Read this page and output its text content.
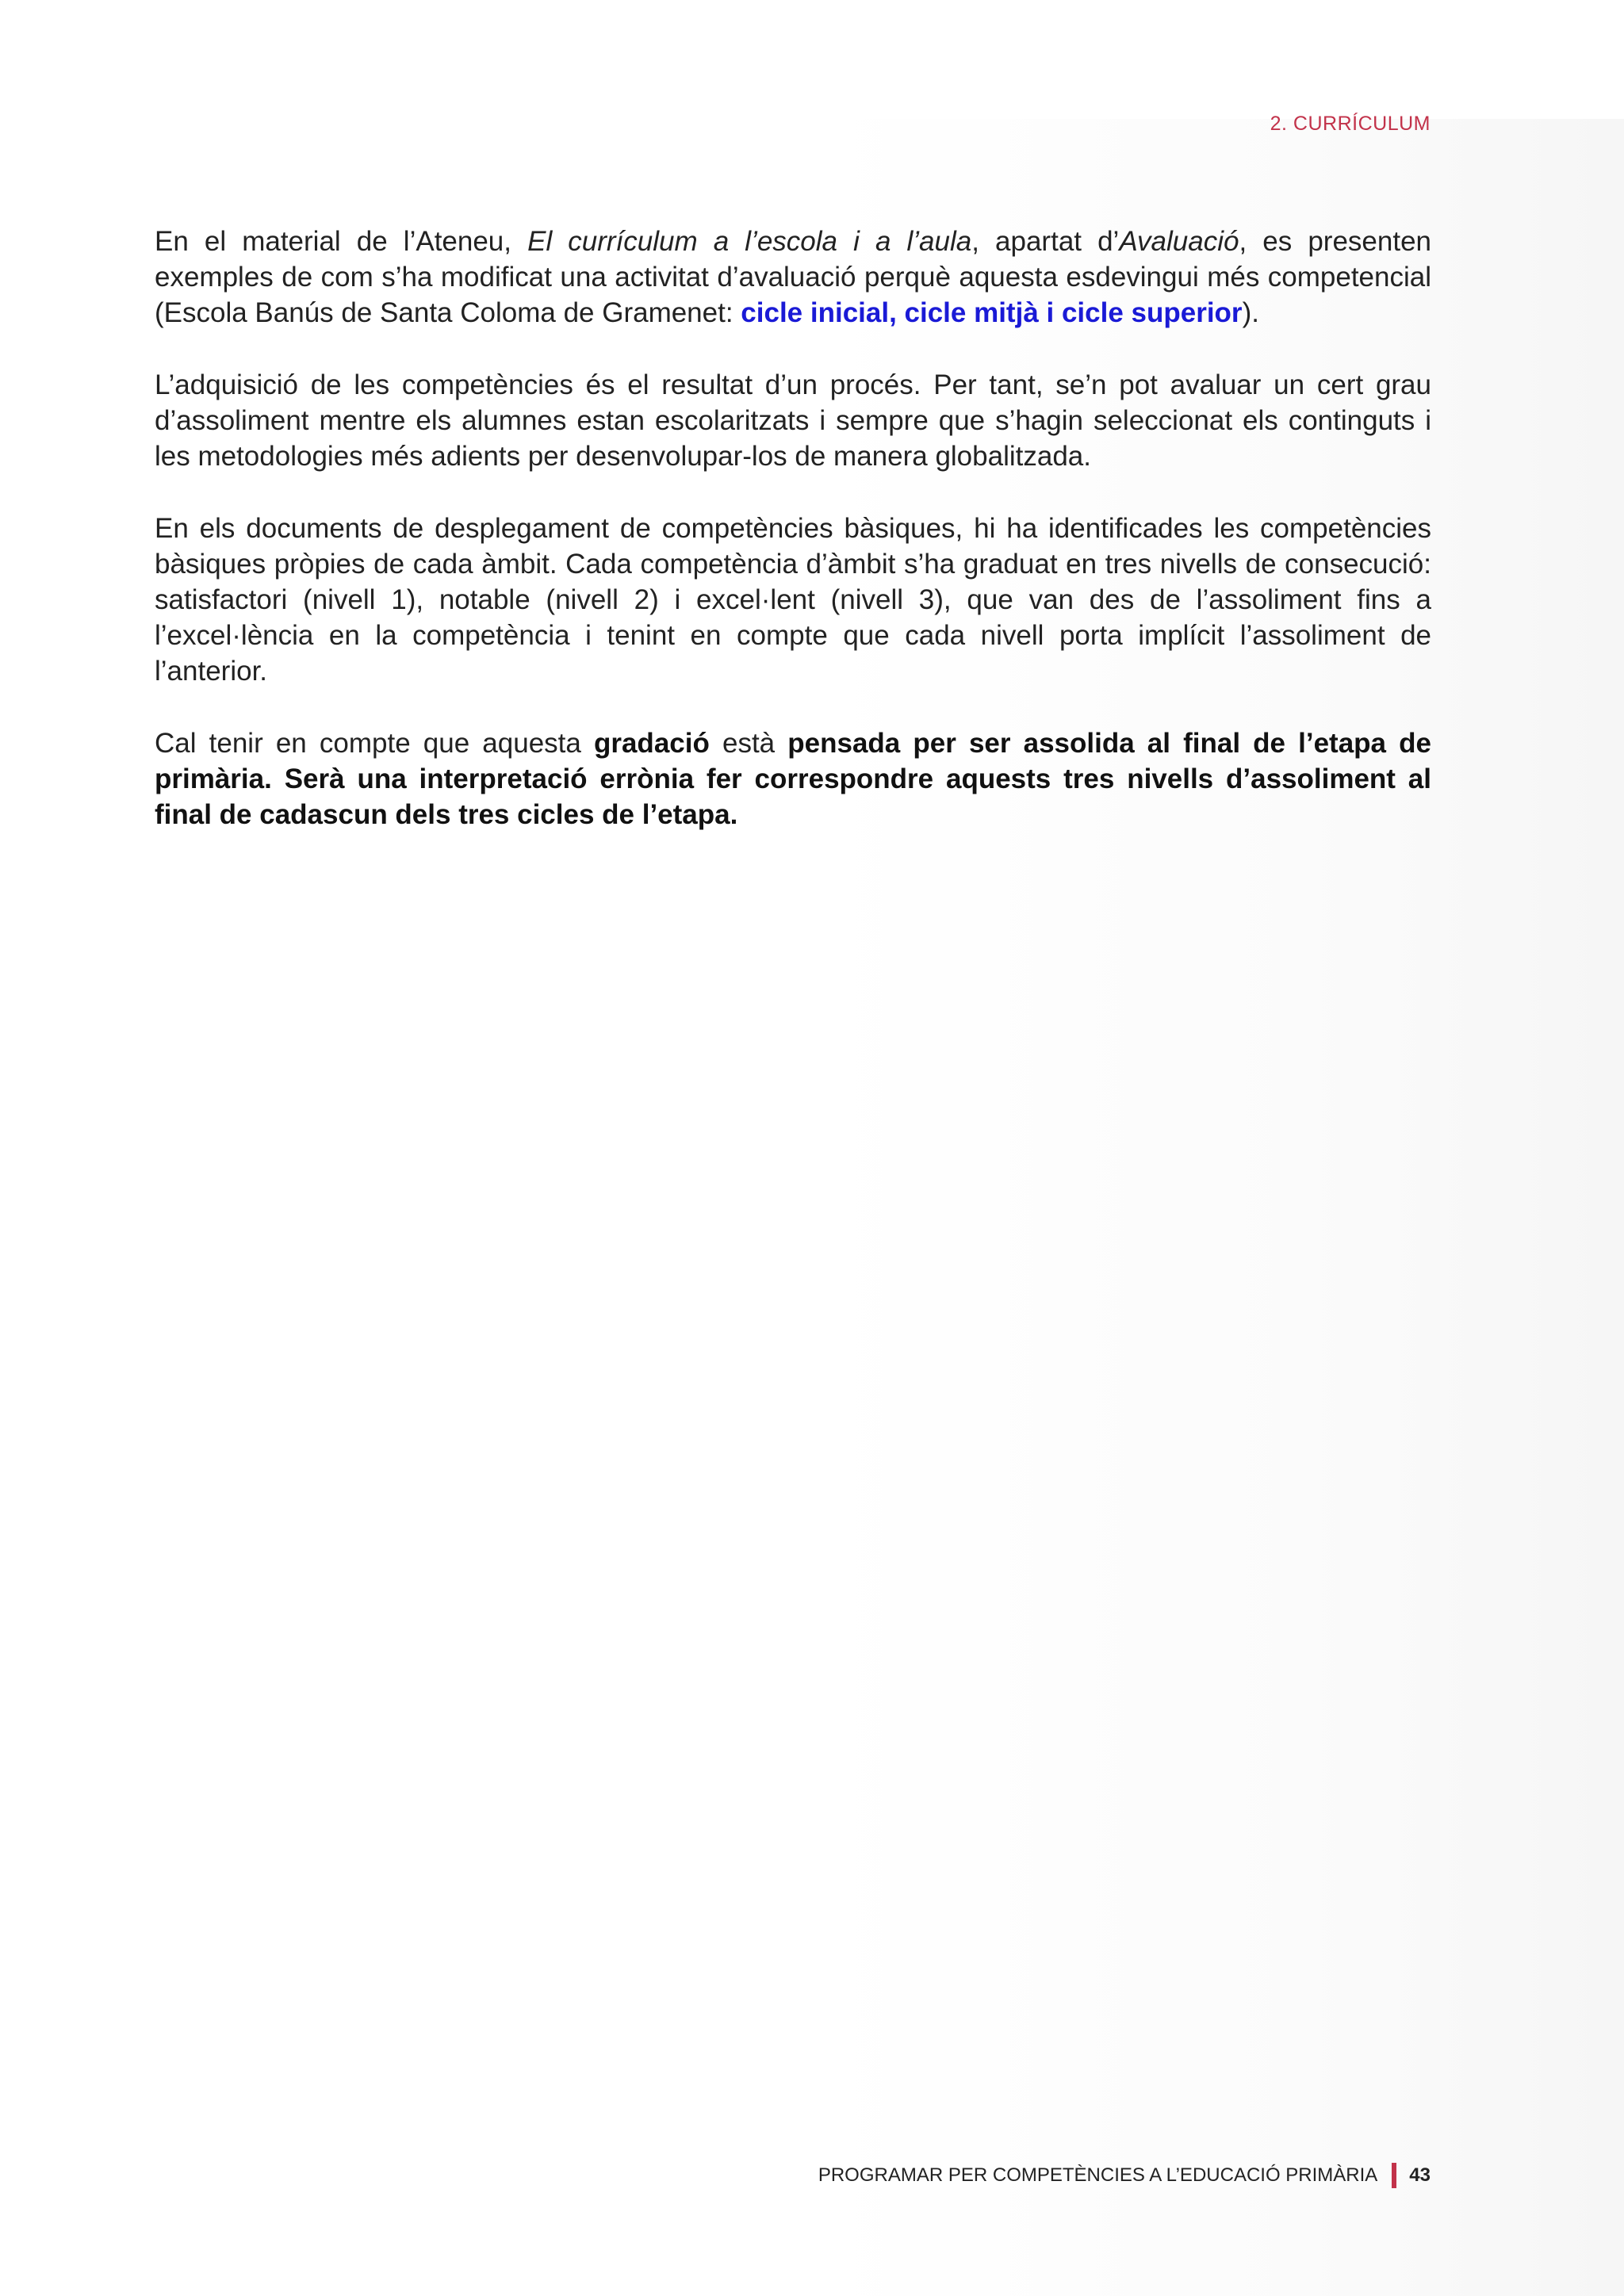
2. CURRÍCULUM

En el material de l’Ateneu, El currículum a l’escola i a l’aula, apartat d’Avaluació, es presenten exemples de com s’ha modificat una activitat d’avaluació perquè aquesta esdevingui més competencial (Escola Banús de Santa Coloma de Gramenet: cicle inicial, cicle mitjà i cicle superior).

L’adquisició de les competències és el resultat d’un procés. Per tant, se’n pot avaluar un cert grau d’assoliment mentre els alumnes estan escolaritzats i sempre que s’hagin seleccionat els continguts i les metodologies més adients per desenvolupar-los de manera globalitzada.

En els documents de desplegament de competències bàsiques, hi ha identificades les competències bàsiques pròpies de cada àmbit. Cada competència d’àmbit s’ha graduat en tres nivells de consecució: satisfactori (nivell 1), notable (nivell 2) i excel·lent (nivell 3), que van des de l’assoliment fins a l’excel·lència en la competència i tenint en compte que cada nivell porta implícit l’assoliment de l’anterior.

Cal tenir en compte que aquesta gradació està pensada per ser assolida al final de l’etapa de primària. Serà una interpretació errònia fer correspondre aquests tres nivells d’assoliment al final de cadascun dels tres cicles de l’etapa.

PROGRAMAR PER COMPETÈNCIES A L’EDUCACIÓ PRIMÀRIA 43
